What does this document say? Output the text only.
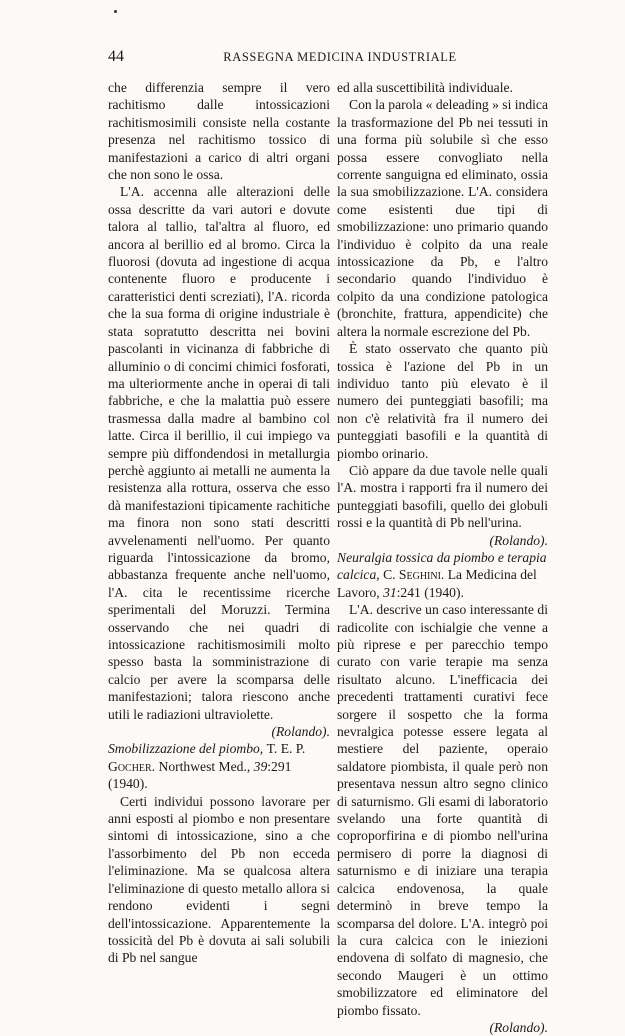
44	RASSEGNA MEDICINA INDUSTRIALE

che differenzia sempre il vero rachitismo dalle intossicazioni rachitismosimili consiste nella costante presenza nel rachitismo tossico di manifestazioni a carico di altri organi che non sono le ossa.

L'A. accenna alle alterazioni delle ossa descritte da vari autori e dovute talora al tallio, tal'altra al fluoro, ed ancora al berillio ed al bromo. Circa la fluorosi (dovuta ad ingestione di acqua contenente fluoro e producente i caratteristici denti screziati), l'A. ricorda che la sua forma di origine industriale è stata sopratutto descritta nei bovini pascolanti in vicinanza di fabbriche di alluminio o di concimi chimici fosforati, ma ulteriormente anche in operai di tali fabbriche, e che la malattia può essere trasmessa dalla madre al bambino col latte. Circa il berillio, il cui impiego va sempre più diffondendosi in metallurgia perchè aggiunto ai metalli ne aumenta la resistenza alla rottura, osserva che esso dà manifestazioni tipicamente rachitiche ma finora non sono stati descritti avvelenamenti nell'uomo. Per quanto riguarda l'intossicazione da bromo, abbastanza frequente anche nell'uomo, l'A. cita le recentissime ricerche sperimentali del Moruzzi. Termina osservando che nei quadri di intossicazione rachitismosimili molto spesso basta la somministrazione di calcio per avere la scomparsa delle manifestazioni; talora riescono anche utili le radiazioni ultraviolette.

(Rolando).

Smobilizzazione del piombo, T. E. P. Gocher. Northwest Med., 39:291 (1940).

Certi individui possono lavorare per anni esposti al piombo e non presentare sintomi di intossicazione, sino a che l'assorbimento del Pb non ecceda l'eliminazione. Ma se qualcosa altera l'eliminazione di questo metallo allora si rendono evidenti i segni dell'intossicazione. Apparentemente la tossicità del Pb è dovuta ai sali solubili di Pb nel sangue

ed alla suscettibilità individuale.

Con la parola « deleading » si indica la trasformazione del Pb nei tessuti in una forma più solubile sì che esso possa essere convogliato nella corrente sanguigna ed eliminato, ossia la sua smobilizzazione. L'A. considera come esistenti due tipi di smobilizzazione: uno primario quando l'individuo è colpito da una reale intossicazione da Pb, e l'altro secondario quando l'individuo è colpito da una condizione patologica (bronchite, frattura, appendicite) che altera la normale escrezione del Pb.

È stato osservato che quanto più tossica è l'azione del Pb in un individuo tanto più elevato è il numero dei punteggiati basofili; ma non c'è relatività fra il numero dei punteggiati basofili e la quantità di piombo orinario.

Ciò appare da due tavole nelle quali l'A. mostra i rapporti fra il numero dei punteggiati basofili, quello dei globuli rossi e la quantità di Pb nell'urina.

(Rolando).

Neuralgia tossica da piombo e terapia calcica, C. Seghini. La Medicina del Lavoro, 31:241 (1940).

L'A. descrive un caso interessante di radicolite con ischialgie che venne a più riprese e per parecchio tempo curato con varie terapie ma senza risultato alcuno. L'inefficacia dei precedenti trattamenti curativi fece sorgere il sospetto che la forma nevralgica potesse essere legata al mestiere del paziente, operaio saldatore piombista, il quale però non presentava nessun altro segno clinico di saturnismo. Gli esami di laboratorio svelando una forte quantità di coproporfirina e di piombo nell'urina permisero di porre la diagnosi di saturnismo e di iniziare una terapia calcica endovenosa, la quale determinò in breve tempo la scomparsa del dolore. L'A. integrò poi la cura calcica con le iniezioni endovena di solfato di magnesio, che secondo Maugeri è un ottimo smobilizzatore ed eliminatore del piombo fissato.

(Rolando).
